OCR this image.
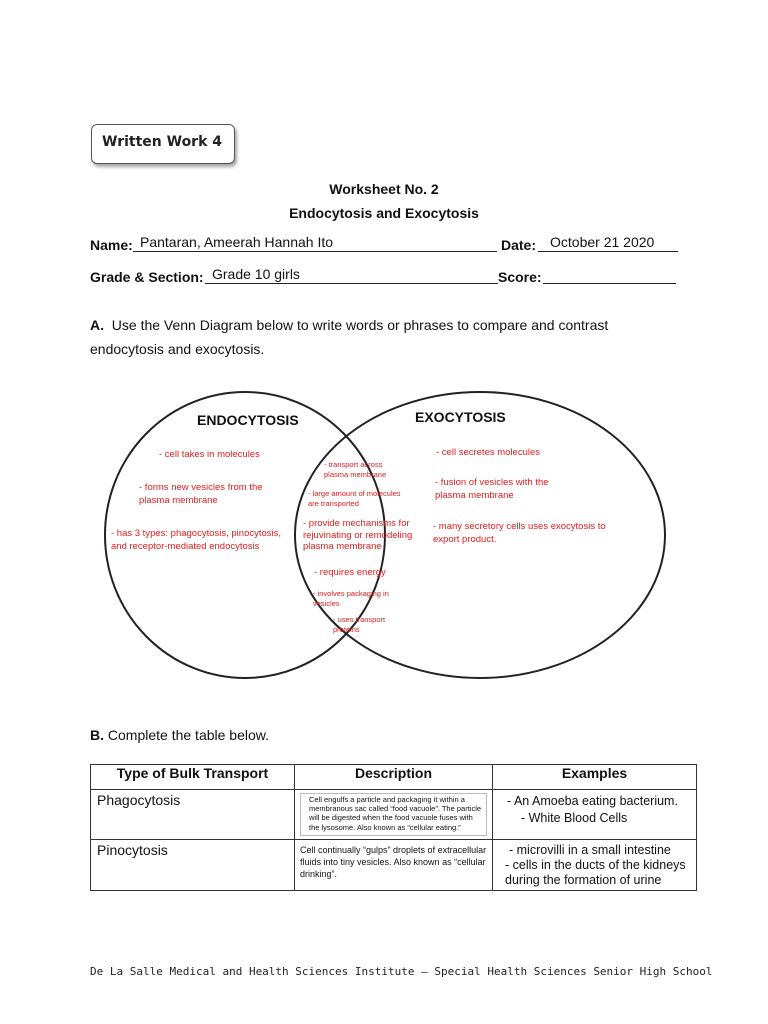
Written Work 4
Worksheet No. 2
Endocytosis and Exocytosis
Name: Pantaran, Ameerah Hannah Ito	Date: October 21 2020
Grade & Section: Grade 10 girls	Score:
A. Use the Venn Diagram below to write words or phrases to compare and contrast
endocytosis and exocytosis.
ENDOCYTOSIS	EXOCYTOSIS
- cell takes in molecules
- forms new vesicles from the plasma membrane
- has 3 types: phagocytosis, pinocytosis, and receptor-mediated endocytosis
- cell secretes molecules
- fusion of vesicles with the plasma membrane
- many secretory cells uses exocytosis to export product.
- transport across plasma membrane
- large amount of molecules are transported
- provide mechanisms for rejuvinating or remodeling plasma membrane
- requires energy
- involves packaging in vesicles
- uses transport proteins
B. Complete the table below.
Type of Bulk Transport	Description	Examples
Phagocytosis	Cell engulfs a particle and packaging it within a membranous sac called “food vacuole”. The particle will be digested when the food vacuole fuses with the lysosome. Also known as “cellular eating.”	- An Amoeba eating bacterium.
- White Blood Cells

Pinocytosis	Cell continually “gulps” droplets of extracellular fluids into tiny vesicles. Also known as “cellular drinking”.	- microvilli in a small intestine
- cells in the ducts of the kidneys during the formation of urine
De La Salle Medical and Health Sciences Institute – Special Health Sciences Senior High School
